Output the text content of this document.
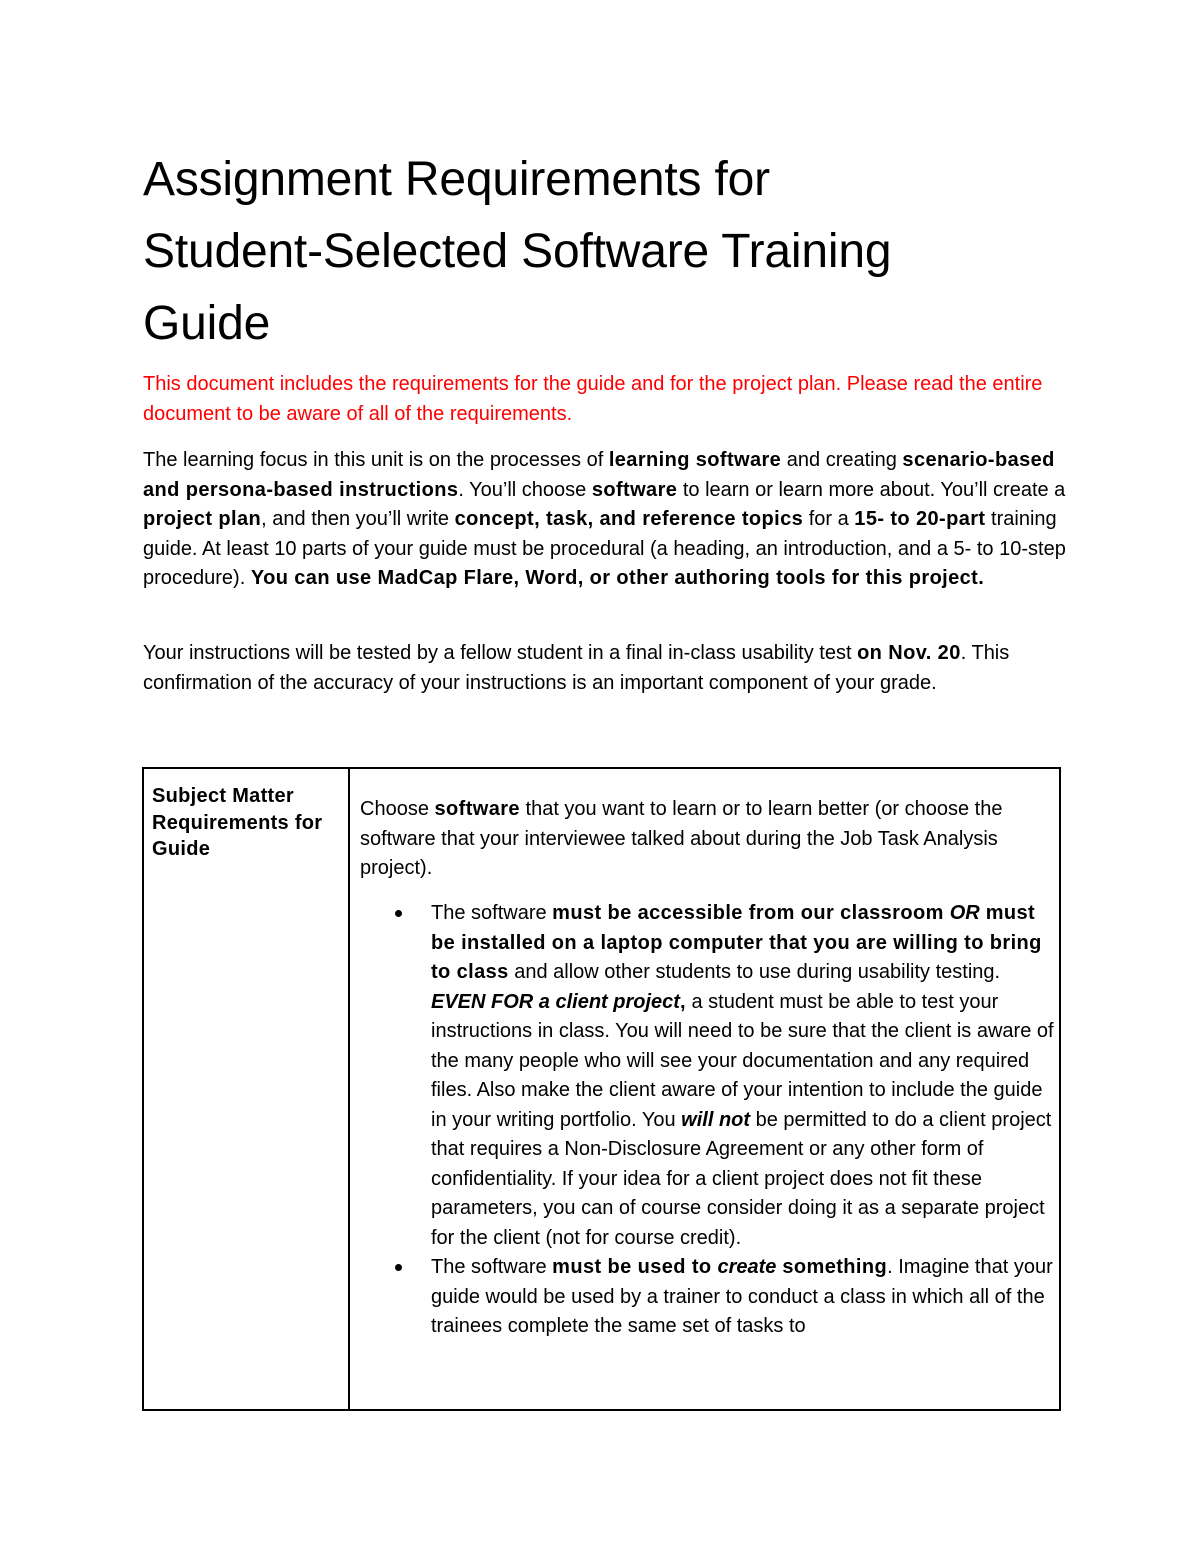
Assignment Requirements for
Student-Selected Software Training
Guide

This document includes the requirements for the guide and for the project plan. Please read the entire document to be aware of all of the requirements.

The learning focus in this unit is on the processes of learning software and creating scenario-based and persona-based instructions. You’ll choose software to learn or learn more about. You’ll create a project plan, and then you’ll write concept, task, and reference topics for a 15- to 20-part training guide. At least 10 parts of your guide must be procedural (a heading, an introduction, and a 5- to 10-step procedure). You can use MadCap Flare, Word, or other authoring tools for this project.

Your instructions will be tested by a fellow student in a final in-class usability test on Nov. 20. This confirmation of the accuracy of your instructions is an important component of your grade.

Subject Matter Requirements for Guide

Choose software that you want to learn or to learn better (or choose the software that your interviewee talked about during the Job Task Analysis project).

The software must be accessible from our classroom OR must be installed on a laptop computer that you are willing to bring to class and allow other students to use during usability testing.
EVEN FOR a client project, a student must be able to test your instructions in class. You will need to be sure that the client is aware of the many people who will see your documentation and any required files. Also make the client aware of your intention to include the guide in your writing portfolio. You will not be permitted to do a client project that requires a Non-Disclosure Agreement or any other form of confidentiality. If your idea for a client project does not fit these parameters, you can of course consider doing it as a separate project for the client (not for course credit).
The software must be used to create something. Imagine that your guide would be used by a trainer to conduct a class in which all of the trainees complete the same set of tasks to
